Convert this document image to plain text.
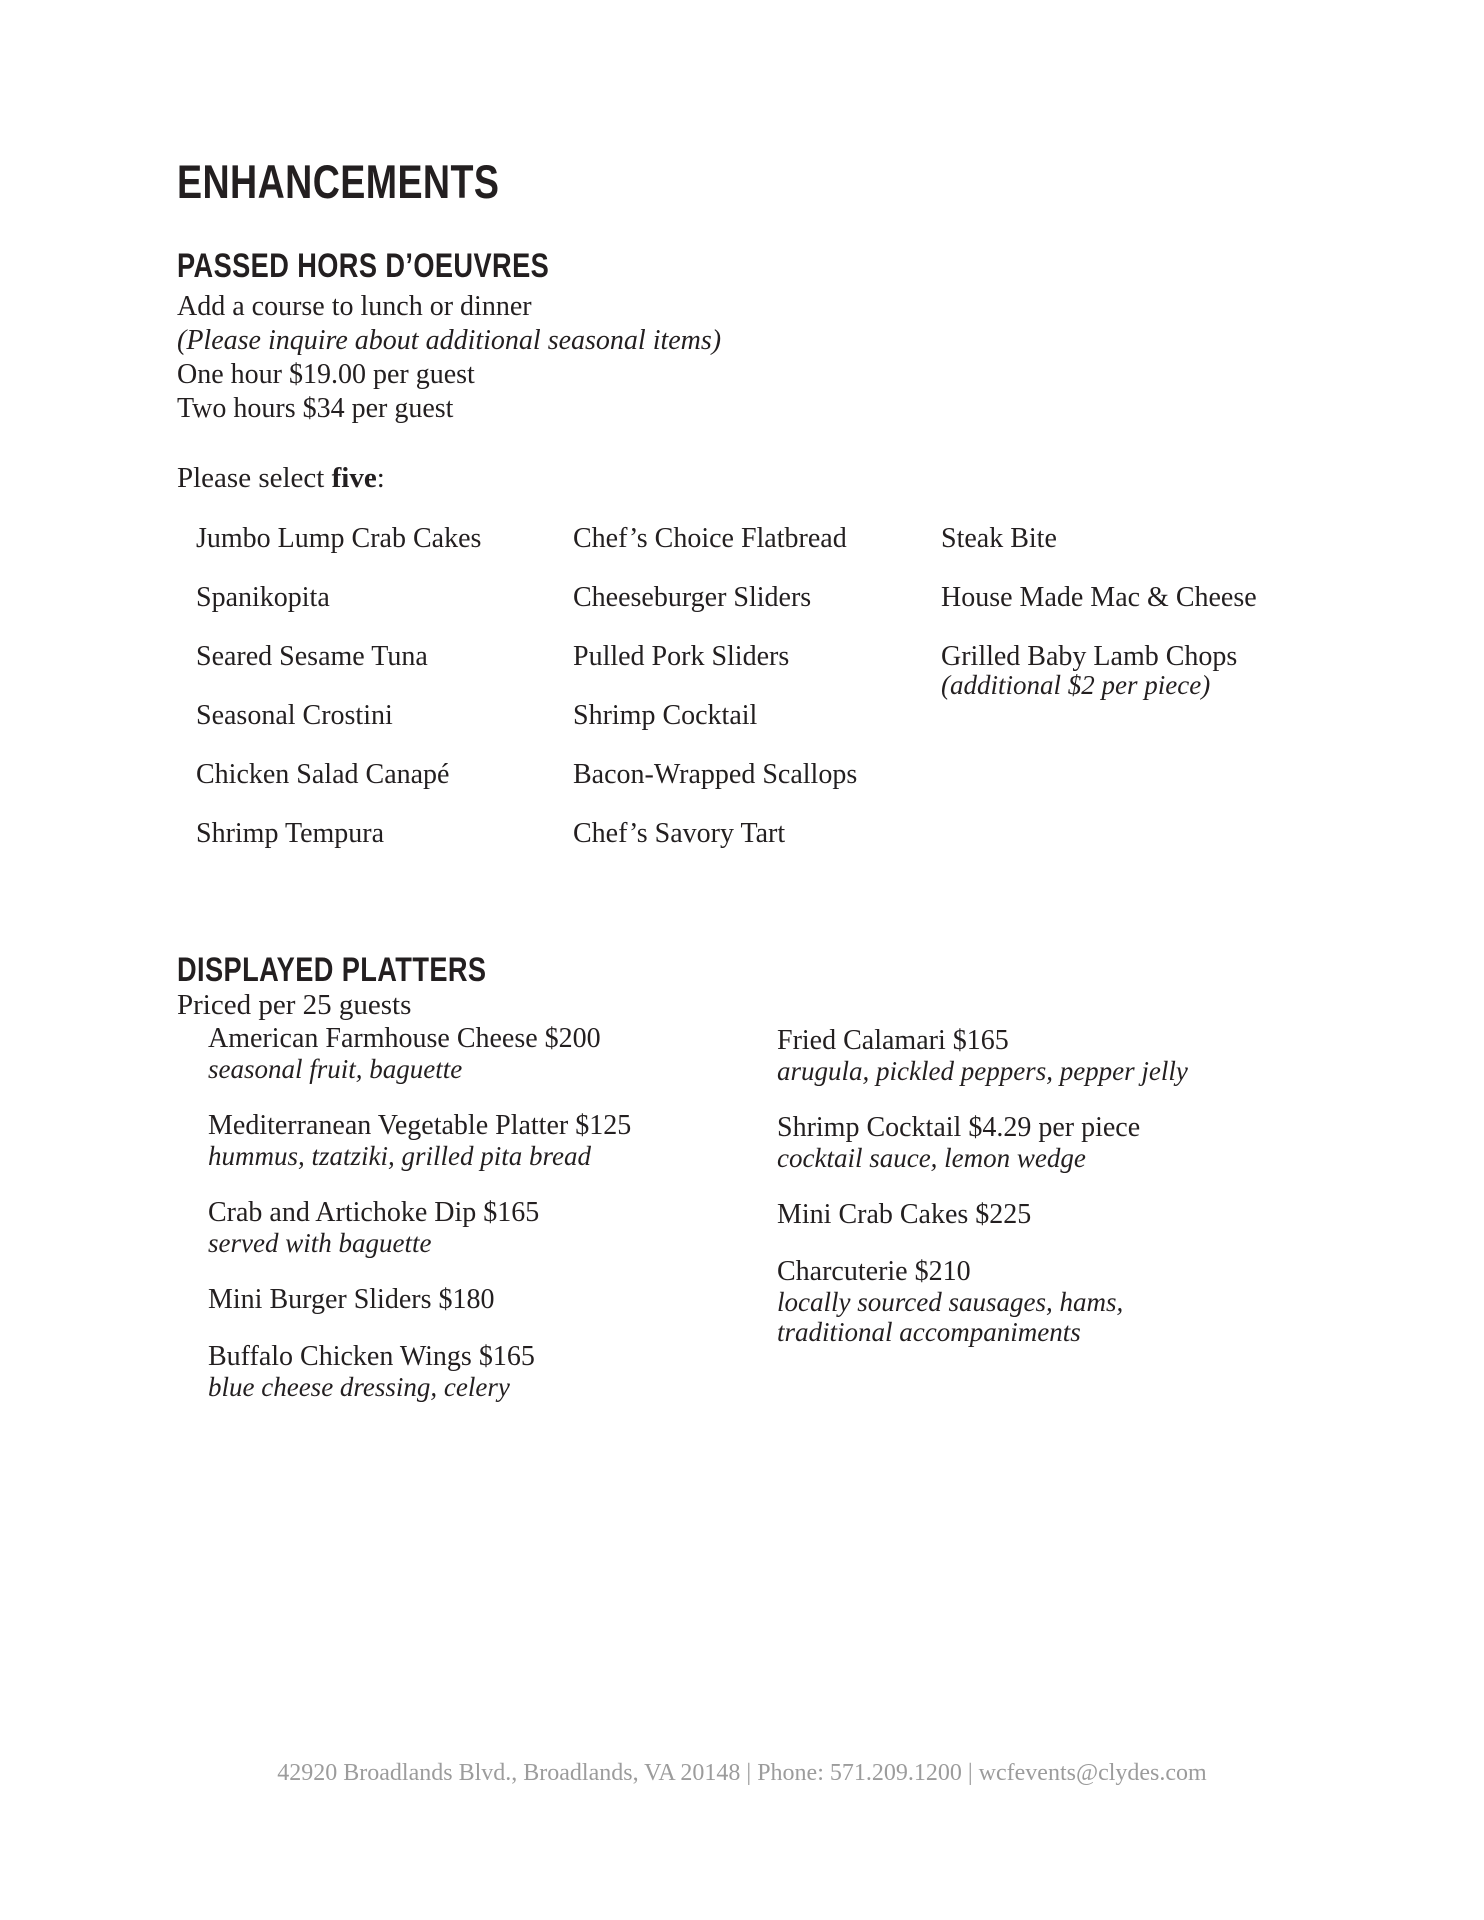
ENHANCEMENTS
PASSED HORS D’OEUVRES
Add a course to lunch or dinner
(Please inquire about additional seasonal items)
One hour $19.00 per guest
Two hours $34 per guest
Please select five:
Jumbo Lump Crab Cakes
Spanikopita
Seared Sesame Tuna
Seasonal Crostini
Chicken Salad Canapé
Shrimp Tempura
Chef’s Choice Flatbread
Cheeseburger Sliders
Pulled Pork Sliders
Shrimp Cocktail
Bacon-Wrapped Scallops
Chef’s Savory Tart
Steak Bite
House Made Mac & Cheese
Grilled Baby Lamb Chops
(additional $2 per piece)
DISPLAYED PLATTERS
Priced per 25 guests
American Farmhouse Cheese $200
seasonal fruit, baguette
Mediterranean Vegetable Platter $125
hummus, tzatziki, grilled pita bread
Crab and Artichoke Dip $165
served with baguette
Mini Burger Sliders $180
Buffalo Chicken Wings $165
blue cheese dressing, celery
Fried Calamari $165
arugula, pickled peppers, pepper jelly
Shrimp Cocktail $4.29 per piece
cocktail sauce, lemon wedge
Mini Crab Cakes $225
Charcuterie $210
locally sourced sausages, hams,
traditional accompaniments
42920 Broadlands Blvd., Broadlands, VA 20148 | Phone: 571.209.1200 | wcfevents@clydes.com
